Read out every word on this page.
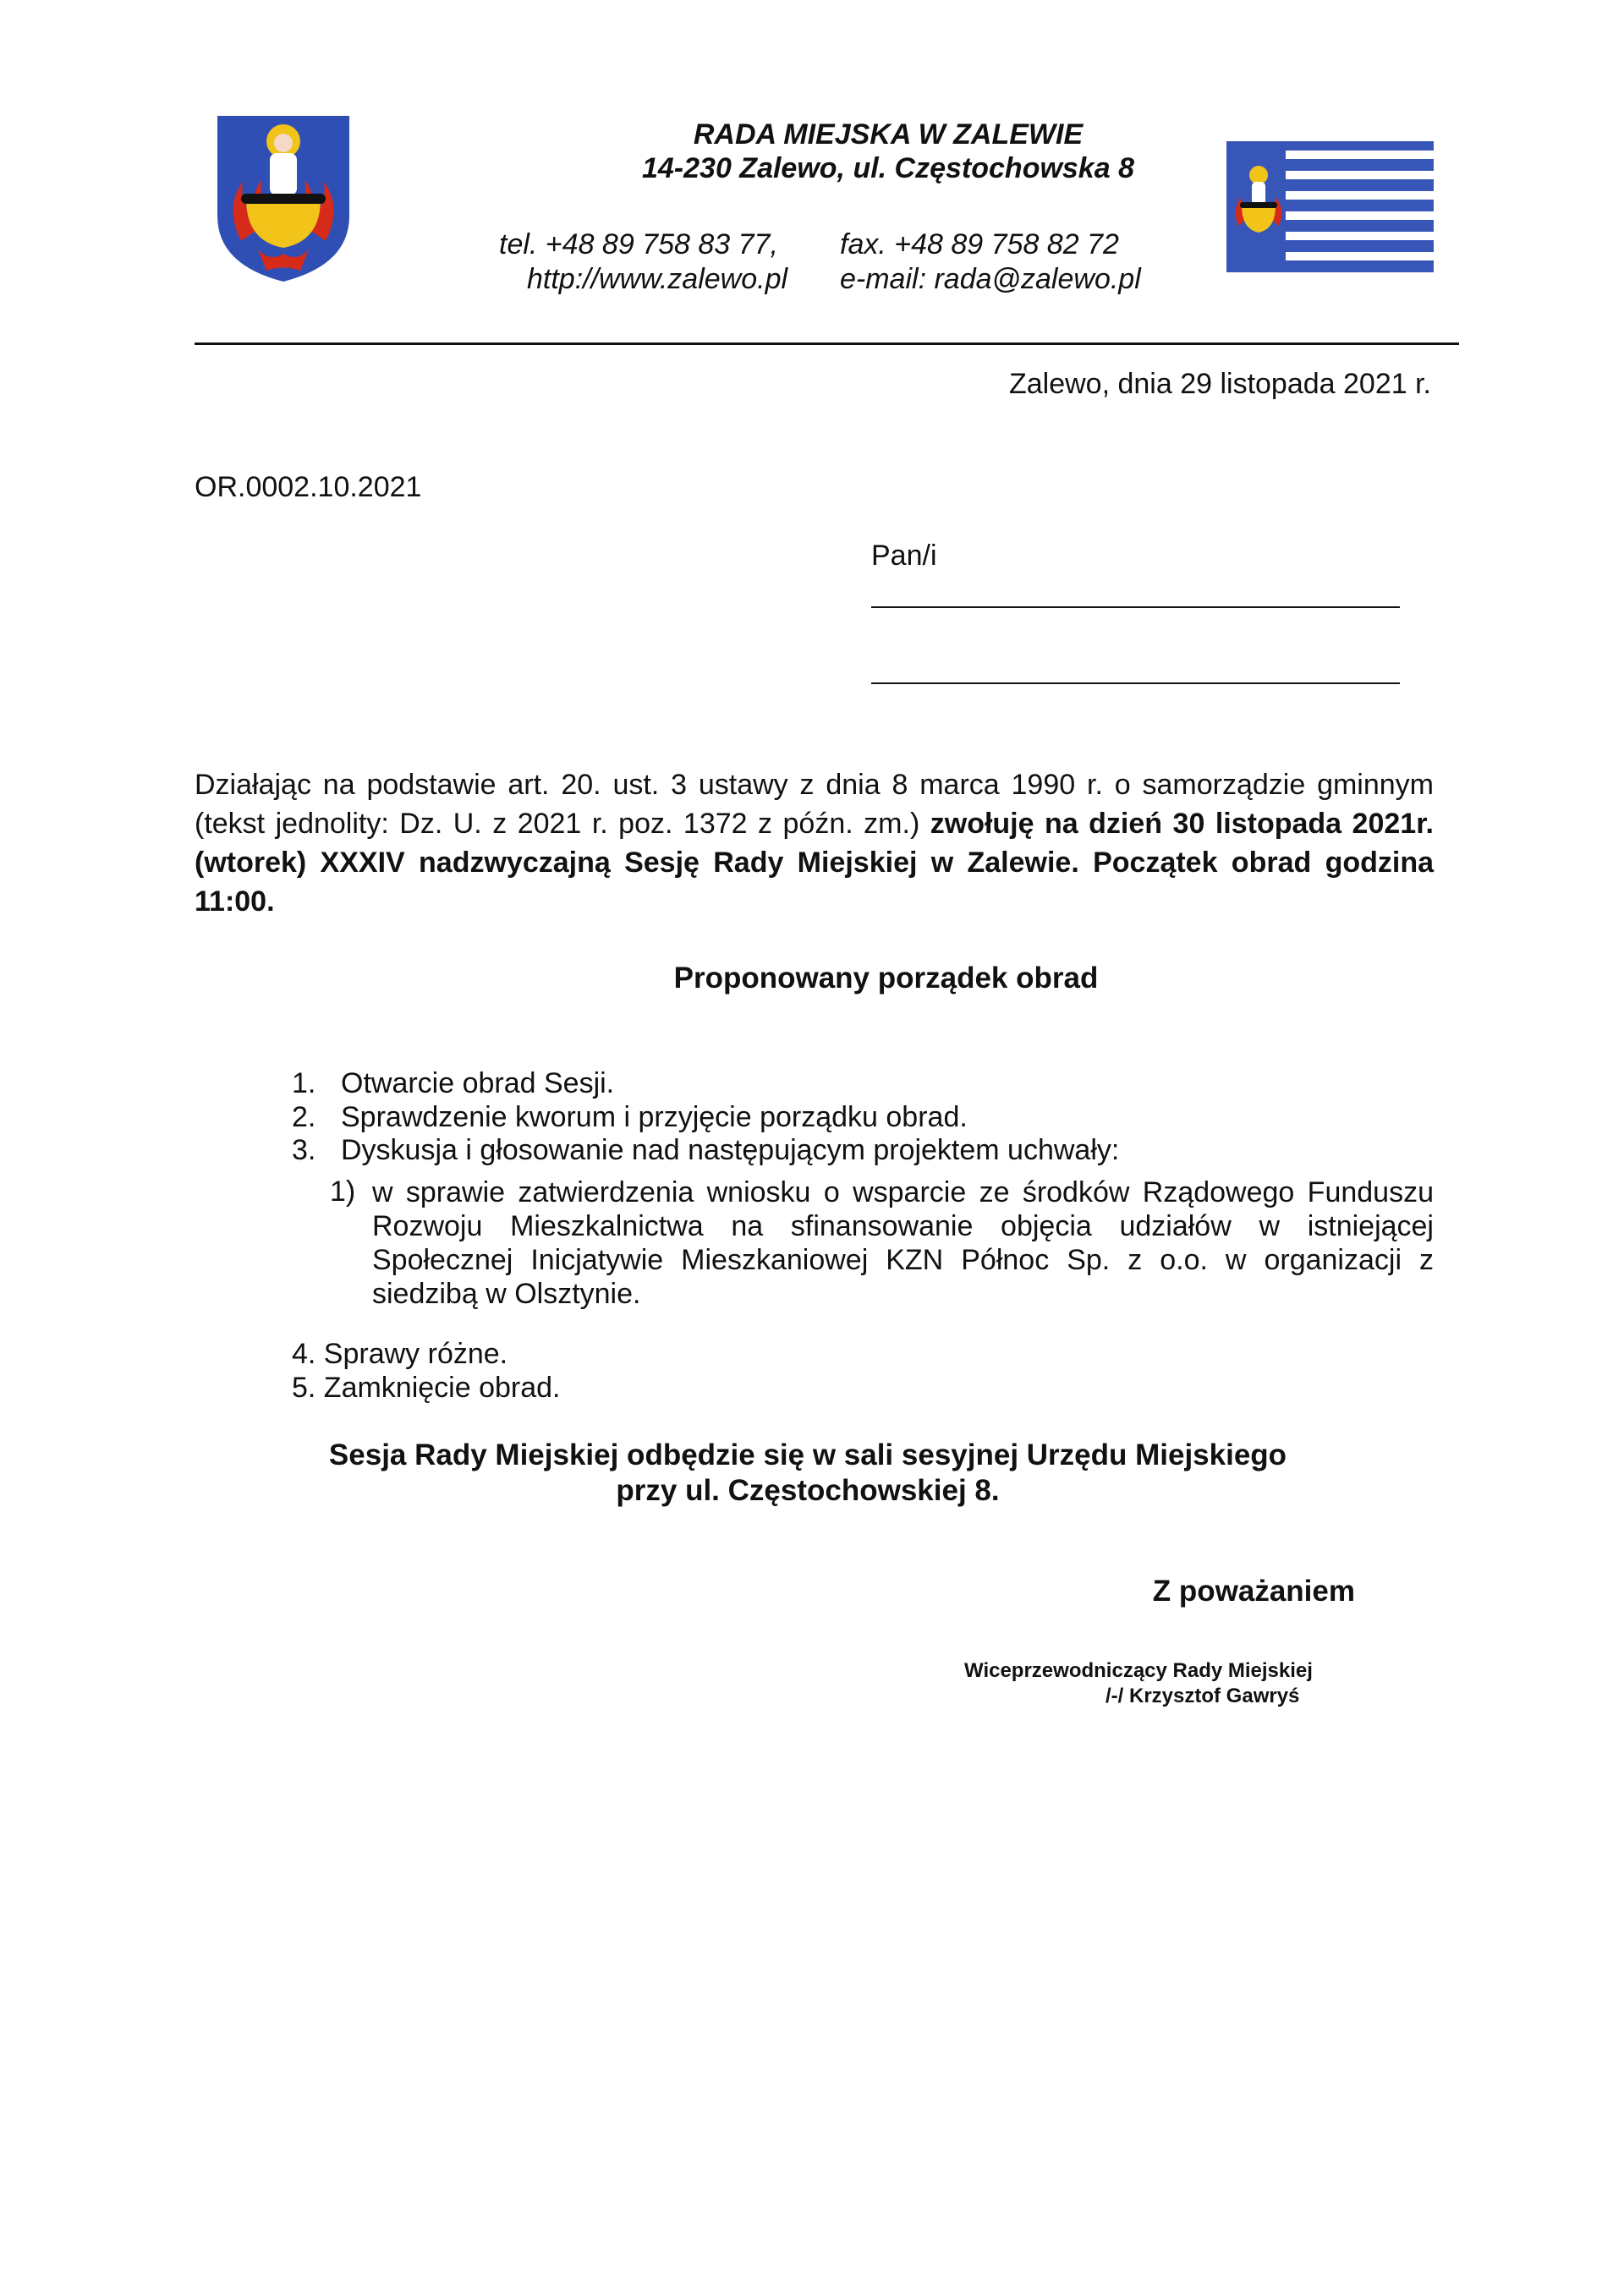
RADA MIEJSKA W ZALEWIE
14-230 Zalewo, ul. Częstochowska 8
tel. +48 89 758 83 77, fax. +48 89 758 82 72
http://www.zalewo.pl e-mail: rada@zalewo.pl
Zalewo, dnia 29 listopada 2021 r.
OR.0002.10.2021
Pan/i
Działając na podstawie art. 20. ust. 3 ustawy z dnia 8 marca 1990 r. o samorządzie gminnym (tekst jednolity: Dz. U. z 2021 r. poz. 1372 z późn. zm.) zwołuję na dzień 30 listopada 2021r. (wtorek) XXXIV nadzwyczajną Sesję Rady Miejskiej w Zalewie. Początek obrad godzina 11:00.
Proponowany porządek obrad
1. Otwarcie obrad Sesji.
2. Sprawdzenie kworum i przyjęcie porządku obrad.
3. Dyskusja i głosowanie nad następującym projektem uchwały:
1) w sprawie zatwierdzenia wniosku o wsparcie ze środków Rządowego Funduszu Rozwoju Mieszkalnictwa na sfinansowanie objęcia udziałów w istniejącej Społecznej Inicjatywie Mieszkaniowej KZN Północ Sp. z o.o. w organizacji z siedzibą w Olsztynie.
4. Sprawy różne.
5. Zamknięcie obrad.
Sesja Rady Miejskiej odbędzie się w sali sesyjnej Urzędu Miejskiego
przy ul. Częstochowskiej 8.
Z poważaniem
Wiceprzewodniczący Rady Miejskiej
/-/ Krzysztof Gawryś
